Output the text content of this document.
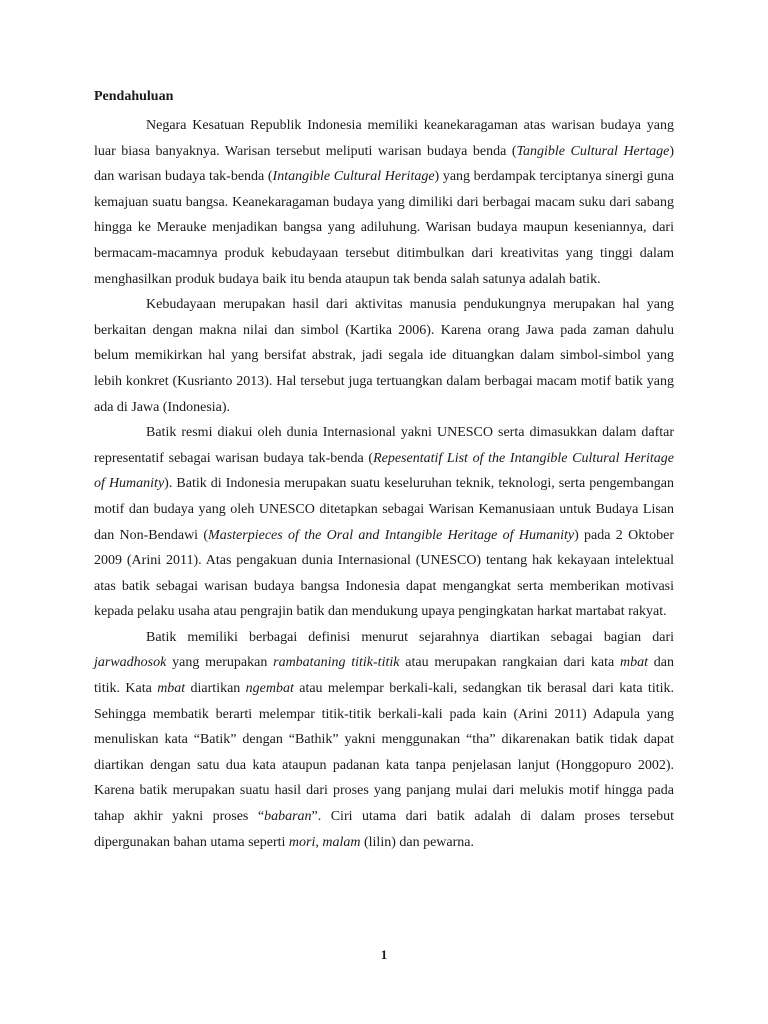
Pendahuluan

Negara Kesatuan Republik Indonesia memiliki keanekaragaman atas warisan budaya yang luar biasa banyaknya. Warisan tersebut meliputi warisan budaya benda (Tangible Cultural Hertage) dan warisan budaya tak-benda (Intangible Cultural Heritage) yang berdampak terciptanya sinergi guna kemajuan suatu bangsa. Keanekaragaman budaya yang dimiliki dari berbagai macam suku dari sabang hingga ke Merauke menjadikan bangsa yang adiluhung. Warisan budaya maupun keseniannya, dari bermacam-macamnya produk kebudayaan tersebut ditimbulkan dari kreativitas yang tinggi dalam menghasilkan produk budaya baik itu benda ataupun tak benda salah satunya adalah batik.

Kebudayaan merupakan hasil dari aktivitas manusia pendukungnya merupakan hal yang berkaitan dengan makna nilai dan simbol (Kartika 2006). Karena orang Jawa pada zaman dahulu belum memikirkan hal yang bersifat abstrak, jadi segala ide dituangkan dalam simbol-simbol yang lebih konkret (Kusrianto 2013). Hal tersebut juga tertuangkan dalam berbagai macam motif batik yang ada di Jawa (Indonesia).

Batik resmi diakui oleh dunia Internasional yakni UNESCO serta dimasukkan dalam daftar representatif sebagai warisan budaya tak-benda (Repesentatif List of the Intangible Cultural Heritage of Humanity). Batik di Indonesia merupakan suatu keseluruhan teknik, teknologi, serta pengembangan motif dan budaya yang oleh UNESCO ditetapkan sebagai Warisan Kemanusiaan untuk Budaya Lisan dan Non-Bendawi (Masterpieces of the Oral and Intangible Heritage of Humanity) pada 2 Oktober 2009 (Arini 2011). Atas pengakuan dunia Internasional (UNESCO) tentang hak kekayaan intelektual atas batik sebagai warisan budaya bangsa Indonesia dapat mengangkat serta memberikan motivasi kepada pelaku usaha atau pengrajin batik dan mendukung upaya pengingkatan harkat martabat rakyat.

Batik memiliki berbagai definisi menurut sejarahnya diartikan sebagai bagian dari jarwadhosok yang merupakan rambataning titik-titik atau merupakan rangkaian dari kata mbat dan titik. Kata mbat diartikan ngembat atau melempar berkali-kali, sedangkan tik berasal dari kata titik. Sehingga membatik berarti melempar titik-titik berkali-kali pada kain (Arini 2011) Adapula yang menuliskan kata “Batik” dengan “Bathik” yakni menggunakan “tha” dikarenakan batik tidak dapat diartikan dengan satu dua kata ataupun padanan kata tanpa penjelasan lanjut (Honggopuro 2002). Karena batik merupakan suatu hasil dari proses yang panjang mulai dari melukis motif hingga pada tahap akhir yakni proses “babaran”. Ciri utama dari batik adalah di dalam proses tersebut dipergunakan bahan utama seperti mori, malam (lilin) dan pewarna.

1
